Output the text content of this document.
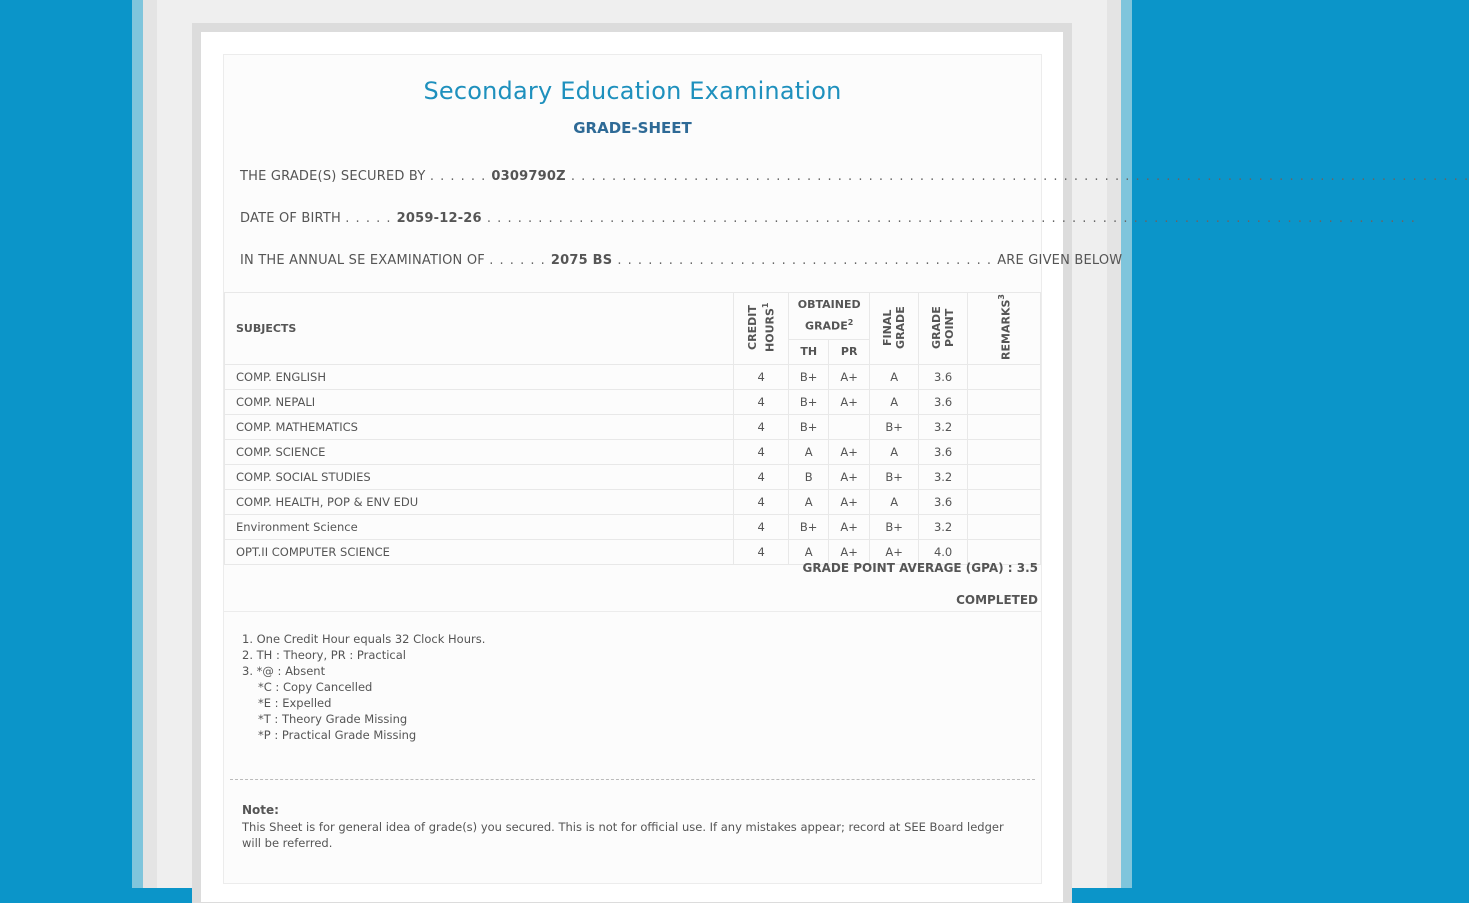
Secondary Education Examination
GRADE-SHEET
THE GRADE(S) SECURED BY . . . . . . 0309790Z . . . . . . . . . . . . . . . . . . . . . . . . . . . . . . . . . . . . . . . . . . . . . . . . . . . . . . . . . . . . . . . . . . . . . . . . . . . . . . . . . . . . . . . .
DATE OF BIRTH . . . . . 2059-12-26 . . . . . . . . . . . . . . . . . . . . . . . . . . . . . . . . . . . . . . . . . . . . . . . . . . . . . . . . . . . . . . . . . . . . . . . . . . . . . . . . . . . . . . . . . . .
IN THE ANNUAL SE EXAMINATION OF . . . . . . 2075 BS . . . . . . . . . . . . . . . . . . . . . . . . . . . . . . . . . . . . . ARE GIVEN BELOW
SUBJECTS	CREDIT HOURS$^1$	OBTAINED GRADE$^2$		FINAL GRADE	GRADE POINT	REMARKS$^3$
		TH	PR			
COMP. ENGLISH	4	B+	A+	A	3.6	
COMP. NEPALI	4	B+	A+	A	3.6	
COMP. MATHEMATICS	4	B+		B+	3.2	
COMP. SCIENCE	4	A	A+	A	3.6	
COMP. SOCIAL STUDIES	4	B	A+	B+	3.2	
COMP. HEALTH, POP & ENV EDU	4	A	A+	A	3.6	
Environment Science	4	B+	A+	B+	3.2	
OPT.II COMPUTER SCIENCE	4	A	A+	A+	4.0	
GRADE POINT AVERAGE (GPA) : 3.5
COMPLETED
1. One Credit Hour equals 32 Clock Hours.
2. TH : Theory, PR : Practical
3. *@ : Absent
*C : Copy Cancelled
*E : Expelled
*T : Theory Grade Missing
*P : Practical Grade Missing
Note:
This Sheet is for general idea of grade(s) you secured. This is not for official use. If any mistakes appear; record at SEE Board ledger will be referred.
